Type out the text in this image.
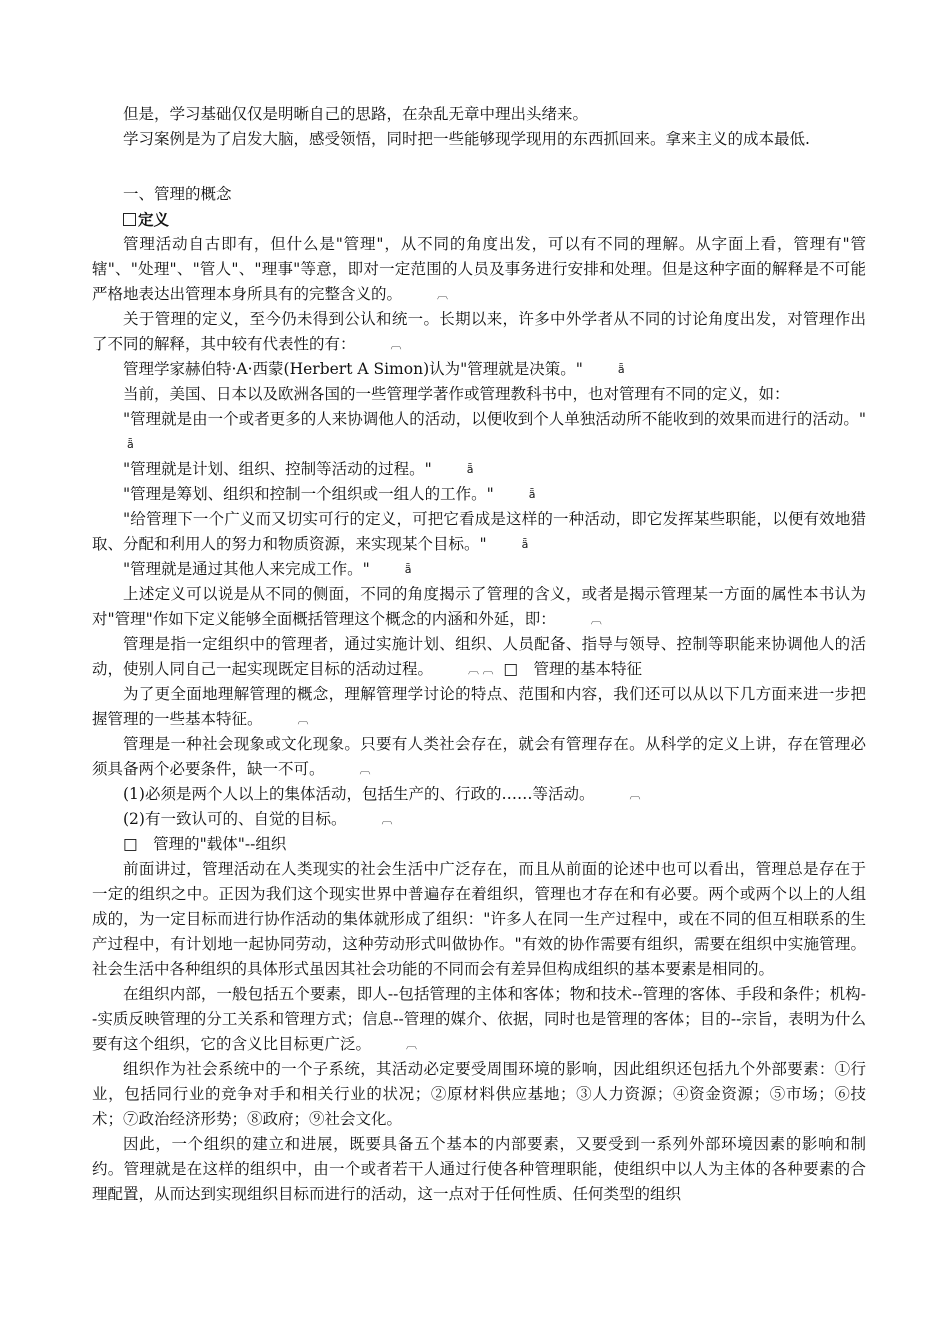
但是，学习基础仅仅是明晰自己的思路，在杂乱无章中理出头绪来。

学习案例是为了启发大脑，感受领悟，同时把一些能够现学现用的东西抓回来。拿来主义的成本最低.

一、管理的概念

定义

管理活动自古即有，但什么是"管理"，从不同的角度出发，可以有不同的理解。从字面上看，管理有"管辖"、"处理"、"管人"、"理事"等意，即对一定范围的人员及事务进行安排和处理。但是这种字面的解释是不可能严格地表达出管理本身所具有的完整含义的。	︹

关于管理的定义，至今仍未得到公认和统一。长期以来，许多中外学者从不同的讨论角度出发，对管理作出了不同的解释，其中较有代表性的有：	︹

管理学家赫伯特·A·西蒙(Herbert A Simon)认为"管理就是决策。"	ǟ

当前，美国、日本以及欧洲各国的一些管理学著作或管理教科书中，也对管理有不同的定义，如：

"管理就是由一个或者更多的人来协调他人的活动，以便收到个人单独活动所不能收到的效果而进行的活动。"ǟ

"管理就是计划、组织、控制等活动的过程。"	ǟ

"管理是筹划、组织和控制一个组织或一组人的工作。"	ǟ

"给管理下一个广义而又切实可行的定义，可把它看成是这样的一种活动，即它发挥某些职能，以便有效地猎取、分配和利用人的努力和物质资源，来实现某个目标。"	ǟ

"管理就是通过其他人来完成工作。"	ǟ

上述定义可以说是从不同的侧面，不同的角度揭示了管理的含义，或者是揭示管理某一方面的属性本书认为对"管理"作如下定义能够全面概括管理这个概念的内涵和外延，即：	︹

管理是指一定组织中的管理者，通过实施计划、组织、人员配备、指导与领导、控制等职能来协调他人的活动，使别人同自己一起实现既定目标的活动过程。	︹ ︹ □　管理的基本特征

为了更全面地理解管理的概念，理解管理学讨论的特点、范围和内容，我们还可以从以下几方面来进一步把握管理的一些基本特征。	︹

管理是一种社会现象或文化现象。只要有人类社会存在，就会有管理存在。从科学的定义上讲，存在管理必须具备两个必要条件，缺一不可。	︹

(1)必须是两个人以上的集体活动，包括生产的、行政的……等活动。	︹

(2)有一致认可的、自觉的目标。	︹

□　管理的"载体"--组织

前面讲过，管理活动在人类现实的社会生活中广泛存在，而且从前面的论述中也可以看出，管理总是存在于一定的组织之中。正因为我们这个现实世界中普遍存在着组织，管理也才存在和有必要。两个或两个以上的人组成的，为一定目标而进行协作活动的集体就形成了组织："许多人在同一生产过程中，或在不同的但互相联系的生产过程中，有计划地一起协同劳动，这种劳动形式叫做协作。"有效的协作需要有组织，需要在组织中实施管理。社会生活中各种组织的具体形式虽因其社会功能的不同而会有差异但构成组织的基本要素是相同的。

在组织内部，一般包括五个要素，即人--包括管理的主体和客体；物和技术--管理的客体、手段和条件；机构--实质反映管理的分工关系和管理方式；信息--管理的媒介、依据，同时也是管理的客体；目的--宗旨，表明为什么要有这个组织，它的含义比目标更广泛。	︹

组织作为社会系统中的一个子系统，其活动必定要受周围环境的影响，因此组织还包括九个外部要素：①行业，包括同行业的竞争对手和相关行业的状况；②原材料供应基地；③人力资源；④资金资源；⑤市场；⑥技术；⑦政治经济形势；⑧政府；⑨社会文化。

因此，一个组织的建立和进展，既要具备五个基本的内部要素，又要受到一系列外部环境因素的影响和制约。管理就是在这样的组织中，由一个或者若干人通过行使各种管理职能，使组织中以人为主体的各种要素的合理配置，从而达到实现组织目标而进行的活动，这一点对于任何性质、任何类型的组织
